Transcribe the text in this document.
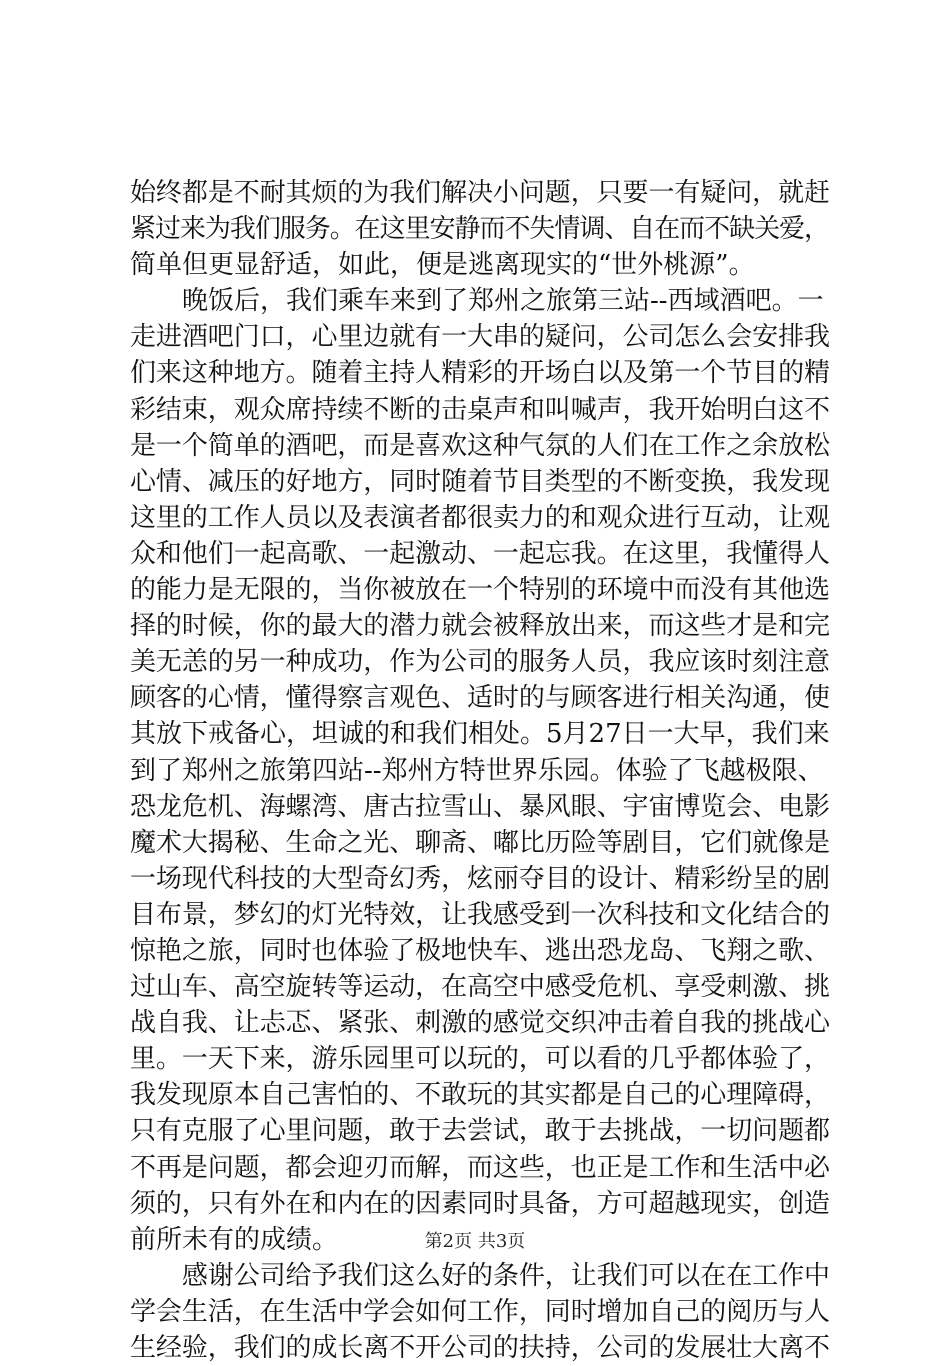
始终都是不耐其烦的为我们解决小问题，只要一有疑问，就赶
紧过来为我们服务。在这里安静而不失情调、自在而不缺关爱，
简单但更显舒适，如此，便是逃离现实的“世外桃源”。
　　晚饭后，我们乘车来到了郑州之旅第三站--西域酒吧。一
走进酒吧门口，心里边就有一大串的疑问，公司怎么会安排我
们来这种地方。随着主持人精彩的开场白以及第一个节目的精
彩结束，观众席持续不断的击桌声和叫喊声，我开始明白这不
是一个简单的酒吧，而是喜欢这种气氛的人们在工作之余放松
心情、减压的好地方，同时随着节目类型的不断变换，我发现
这里的工作人员以及表演者都很卖力的和观众进行互动，让观
众和他们一起高歌、一起激动、一起忘我。在这里，我懂得人
的能力是无限的，当你被放在一个特别的环境中而没有其他选
择的时候，你的最大的潜力就会被释放出来，而这些才是和完
美无恙的另一种成功，作为公司的服务人员，我应该时刻注意
顾客的心情，懂得察言观色、适时的与顾客进行相关沟通，使
其放下戒备心，坦诚的和我们相处。5月27日一大早，我们来
到了郑州之旅第四站--郑州方特世界乐园。体验了飞越极限、
恐龙危机、海螺湾、唐古拉雪山、暴风眼、宇宙博览会、电影
魔术大揭秘、生命之光、聊斋、嘟比历险等剧目，它们就像是
一场现代科技的大型奇幻秀，炫丽夺目的设计、精彩纷呈的剧
目布景，梦幻的灯光特效，让我感受到一次科技和文化结合的
惊艳之旅，同时也体验了极地快车、逃出恐龙岛、飞翔之歌、
过山车、高空旋转等运动，在高空中感受危机、享受刺激、挑
战自我、让忐忑、紧张、刺激的感觉交织冲击着自我的挑战心
里。一天下来，游乐园里可以玩的，可以看的几乎都体验了，
我发现原本自己害怕的、不敢玩的其实都是自己的心理障碍，
只有克服了心里问题，敢于去尝试，敢于去挑战，一切问题都
不再是问题，都会迎刃而解，而这些，也正是工作和生活中必
须的，只有外在和内在的因素同时具备，方可超越现实，创造
前所未有的成绩。
　　感谢公司给予我们这么好的条件，让我们可以在在工作中
学会生活，在生活中学会如何工作，同时增加自己的阅历与人
生经验，我们的成长离不开公司的扶持，公司的发展壮大离不
第2页 共3页
